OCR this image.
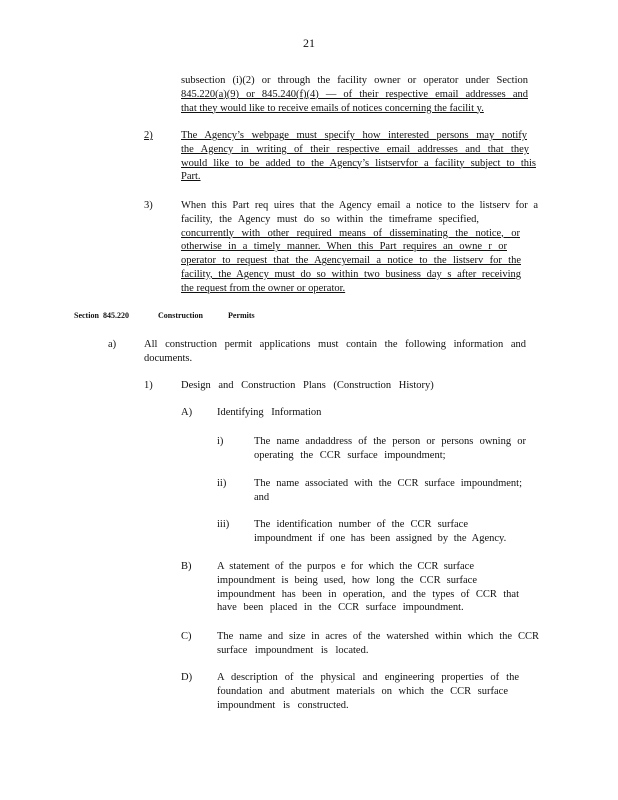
21
subsection (i)(2) or through the facility owner or operator under Section
845.220(a)(9) or 845.240(f)(4) — of their respective email addresses and
that they would like to receive emails of notices concerning the facilit y.
2)	The Agency’s webpage must specify how interested persons may notify
the Agency in writing of their respective email addresses and that they
would like to be added to the Agency’s listservfor a facility subject to this
Part.
3)	When this Part req uires that the Agency email a notice to the listserv for a
facility, the Agency must do so within the timeframe specified,
concurrently with other required means of disseminating the notice, or
otherwise in a timely manner. When this Part requires an owne r or
operator to request that the Agencyemail a notice to the listserv for the
facility, the Agency must do so within two business day s after receiving
the request from the owner or operator.
Section 845.220	Construction	Permits
a)	All construction permit applications must contain the following information and
documents.
1)	Design and Construction Plans (Construction History)
A) Identifying Information
i)	The name andaddress of the person or persons owning or
operating the CCR surface impoundment;
ii)	The name associated with the CCR surface impoundment;
and
iii) The identification number of the CCR surface
impoundment if one has been assigned by the Agency.
B) A statement of the purpos e for which the CCR surface
impoundment is being used, how long the CCR surface
impoundment has been in operation, and the types of CCR that
have been placed in the CCR surface impoundment.
C) The name and size in acres of the watershed within which the CCR
surface impoundment is located.
D) A description of the physical and engineering properties of the
foundation and abutment materials on which the CCR surface
impoundment is constructed.
